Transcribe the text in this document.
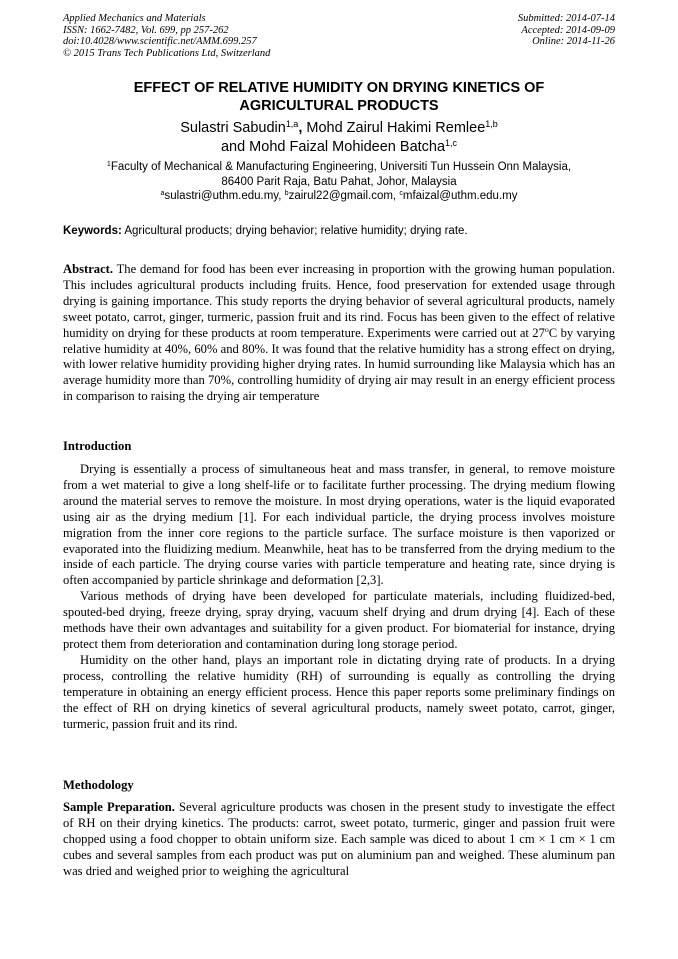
Applied Mechanics and Materials
ISSN: 1662-7482, Vol. 699, pp 257-262
doi:10.4028/www.scientific.net/AMM.699.257
© 2015 Trans Tech Publications Ltd, Switzerland
Submitted: 2014-07-14
Accepted: 2014-09-09
Online: 2014-11-26
EFFECT OF RELATIVE HUMIDITY ON DRYING KINETICS OF
AGRICULTURAL PRODUCTS
Sulastri Sabudin$^{1,a}$, Mohd Zairul Hakimi Remlee$^{1,b}$
and Mohd Faizal Mohideen Batcha$^{1,c}$
$^1$Faculty of Mechanical & Manufacturing Engineering, Universiti Tun Hussein Onn Malaysia,
86400 Parit Raja, Batu Pahat, Johor, Malaysia
$^a$sulastri@uthm.edu.my, $^b$zairul22@gmail.com, $^c$mfaizal@uthm.edu.my
Keywords: Agricultural products; drying behavior; relative humidity; drying rate.
Abstract. The demand for food has been ever increasing in proportion with the growing human population. This includes agricultural products including fruits. Hence, food preservation for extended usage through drying is gaining importance. This study reports the drying behavior of several agricultural products, namely sweet potato, carrot, ginger, turmeric, passion fruit and its rind. Focus has been given to the effect of relative humidity on drying for these products at room temperature. Experiments were carried out at 27$^o$C by varying relative humidity at 40%, 60% and 80%. It was found that the relative humidity has a strong effect on drying, with lower relative humidity providing higher drying rates. In humid surrounding like Malaysia which has an average humidity more than 70%, controlling humidity of drying air may result in an energy efficient process in comparison to raising the drying air temperature
Introduction

Drying is essentially a process of simultaneous heat and mass transfer, in general, to remove moisture from a wet material to give a long shelf-life or to facilitate further processing. The drying medium flowing around the material serves to remove the moisture. In most drying operations, water is the liquid evaporated using air as the drying medium [1]. For each individual particle, the drying process involves moisture migration from the inner core regions to the particle surface. The surface moisture is then vaporized or evaporated into the fluidizing medium. Meanwhile, heat has to be transferred from the drying medium to the inside of each particle. The drying course varies with particle temperature and heating rate, since drying is often accompanied by particle shrinkage and deformation [2,3].

Various methods of drying have been developed for particulate materials, including fluidized-bed, spouted-bed drying, freeze drying, spray drying, vacuum shelf drying and drum drying [4]. Each of these methods have their own advantages and suitability for a given product. For biomaterial for instance, drying protect them from deterioration and contamination during long storage period.

Humidity on the other hand, plays an important role in dictating drying rate of products. In a drying process, controlling the relative humidity (RH) of surrounding is equally as controlling the drying temperature in obtaining an energy efficient process. Hence this paper reports some preliminary findings on the effect of RH on drying kinetics of several agricultural products, namely sweet potato, carrot, ginger, turmeric, passion fruit and its rind.

Methodology

Sample Preparation. Several agriculture products was chosen in the present study to investigate the effect of RH on their drying kinetics. The products: carrot, sweet potato, turmeric, ginger and passion fruit were chopped using a food chopper to obtain uniform size. Each sample was diced to about 1 cm × 1 cm × 1 cm cubes and several samples from each product was put on aluminium pan and weighed. These aluminum pan was dried and weighed prior to weighing the agricultural
